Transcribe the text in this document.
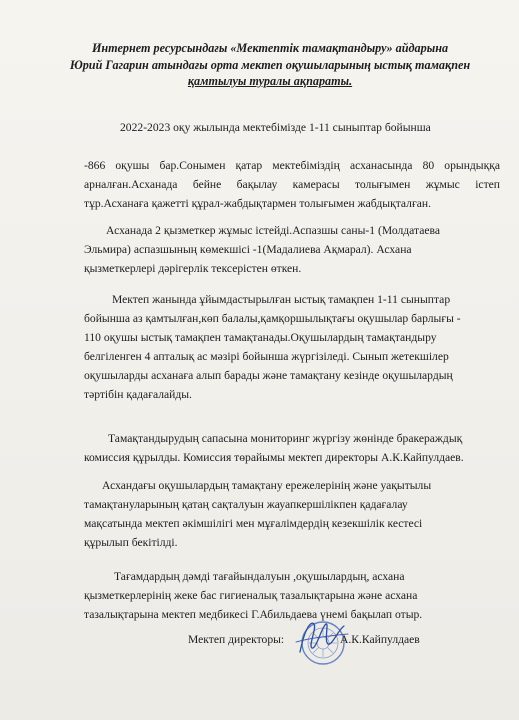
Интернет ресурсындағы «Мектептік тамақтандыру» айдарына
Юрий Гагарин атындағы орта мектеп оқушыларының ыстық тамақпен
қамтылуы туралы ақпараты.
2022-2023 оқу жылында мектебімізде 1-11 сыныптар бойынша
-866 оқушы бар.Сонымен қатар мектебіміздің асханасында 80 орындыққа
арналған.Асханада бейне бақылау камерасы толығымен жұмыс істеп
тұр.Асханаға қажетті құрал-жабдықтармен толығымен жабдықталған.
Асханада 2 қызметкер жұмыс істейді.Аспазшы саны-1 (Молдатаева
Эльмира) аспазшының көмекшісі -1(Мадалиева Ақмарал). Асхана
қызметкерлері дәрігерлік тексерістен өткен.
Мектеп жанында ұйымдастырылған ыстық тамақпен 1-11 сыныптар
бойынша аз қамтылған,көп балалы,қамқоршылықтағы оқушылар барлығы -
110 оқушы ыстық тамақпен тамақтанады.Оқушылардың тамақтандыру
белгіленген 4 апталық ас мәзірі бойынша жүргізіледі. Сынып жетекшілер
оқушыларды асханаға алып барады және тамақтану кезінде оқушылардың
тәртібін қадағалайды.
Тамақтандырудың сапасына мониторинг жүргізу жөнінде бракераждық
комиссия құрылды. Комиссия төрайымы мектеп директоры А.К.Кайпулдаев.
Асхандағы оқушылардың тамақтану ережелерінің және уақытылы
тамақтануларының қатаң сақталуын жауапкершілікпен қадағалау
мақсатында мектеп әкімшілігі мен мұғалімдердің кезекшілік кестесі
құрылып бекітілді.
Тағамдардың дәмді тағайындалуын ,оқушылардың, асхана
қызметкерлерінің жеке бас гигиеналық тазалықтарына және асхана
тазалықтарына мектеп медбикесі Г.Абильдаева үнемі бақылап отыр.
Мектеп директоры:	А.К.Кайпулдаев
